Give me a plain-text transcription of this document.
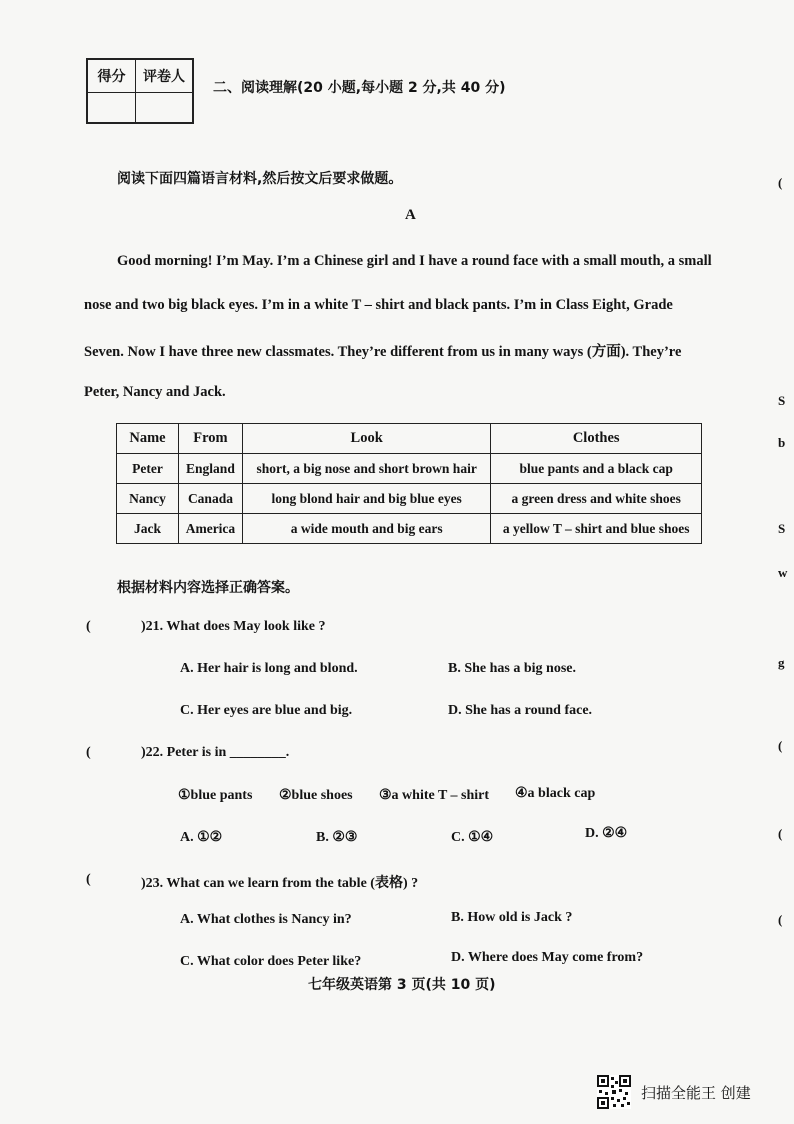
得分	评卷人
二、阅读理解(20 小题,每小题 2 分,共 40 分)
阅读下面四篇语言材料,然后按文后要求做题。
A
Good morning! I’m May. I’m a Chinese girl and I have a round face with a small mouth, a small
nose and two big black eyes. I’m in a white T – shirt and black pants. I’m in Class Eight, Grade
Seven. Now I have three new classmates. They’re different from us in many ways (方面). They’re
Peter, Nancy and Jack.
Name	From	Look	Clothes
Peter	England	short, a big nose and short brown hair	blue pants and a black cap
Nancy	Canada	long blond hair and big blue eyes	a green dress and white shoes
Jack	America	a wide mouth and big ears	a yellow T – shirt and blue shoes
根据材料内容选择正确答案。
(	)21. What does May look like ?
A. Her hair is long and blond.	B. She has a big nose.
C. Her eyes are blue and big.	D. She has a round face.
(	)22. Peter is in ________.
①blue pants ②blue shoes ③a white T – shirt ④a black cap
A. ①②	B. ②③	C. ①④	D. ②④
(	)23. What can we learn from the table (表格) ?
A. What clothes is Nancy in?	B. How old is Jack ?
C. What color does Peter like?	D. Where does May come from?
七年级英语第 3 页(共 10 页)
(
S
b
S
w
g
(
(
(
扫描全能王 创建
